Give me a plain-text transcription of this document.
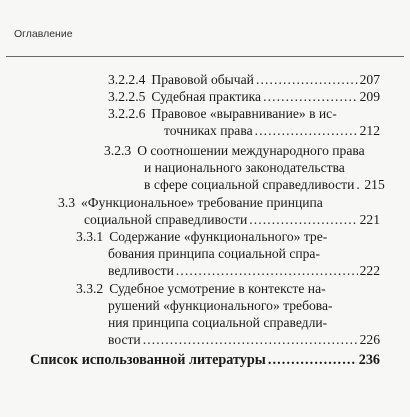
Оглавление
3.2.2.4 Правовой обычай .....	207
3.2.2.5 Судебная практика .....	209
3.2.2.6 Правовое «выравнивание» в ис-
точниках права .....	212
3.2.3 О соотношении международного права
и национального законодательства
в сфере социальной справедливости ..... 215
3.3 «Функциональное» требование принципа
социальной справедливости .....	221
3.3.1 Содержание «функционального» тре-
бования принципа социальной спра-
ведливости .....	222
3.3.2 Судебное усмотрение в контексте на-
рушений «функционального» требова-
ния принципа социальной справедли-
вости .....	226
Список использованной литературы .....	236
